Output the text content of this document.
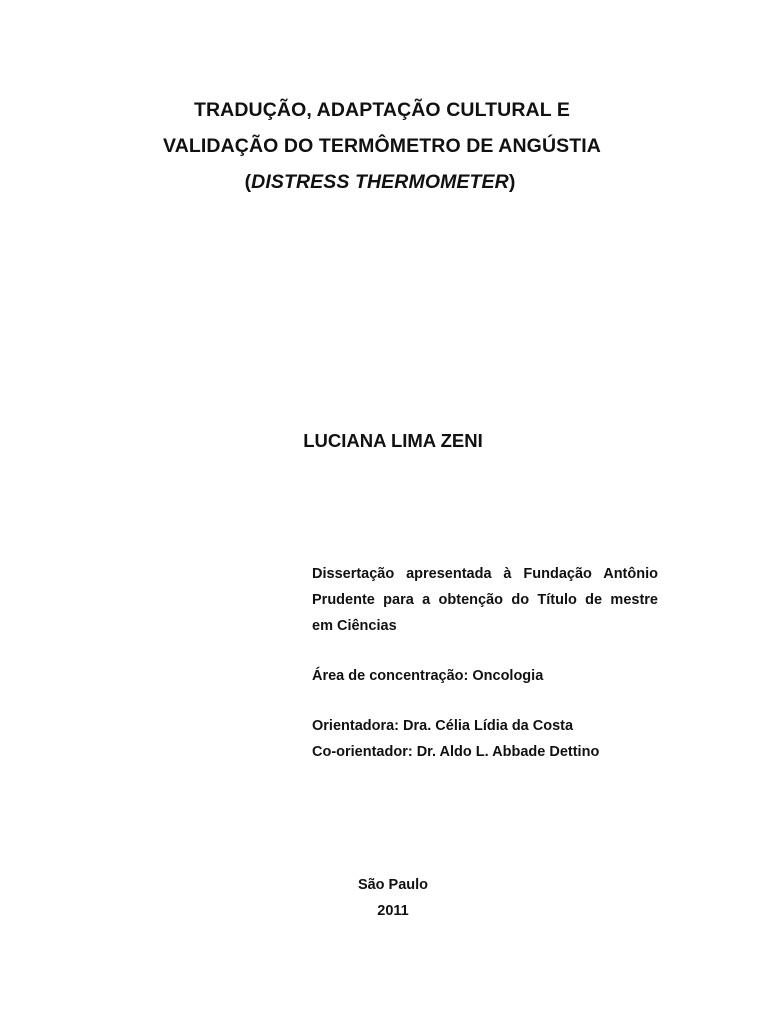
TRADUÇÃO, ADAPTAÇÃO CULTURAL E
VALIDAÇÃO DO TERMÔMETRO DE ANGÚSTIA
(DISTRESS THERMOMETER)
LUCIANA LIMA ZENI
Dissertação apresentada à Fundação Antônio
Prudente para a obtenção do Título de mestre
em Ciências
Área de concentração: Oncologia
Orientadora: Dra. Célia Lídia da Costa
Co-orientador: Dr. Aldo L. Abbade Dettino
São Paulo
2011
